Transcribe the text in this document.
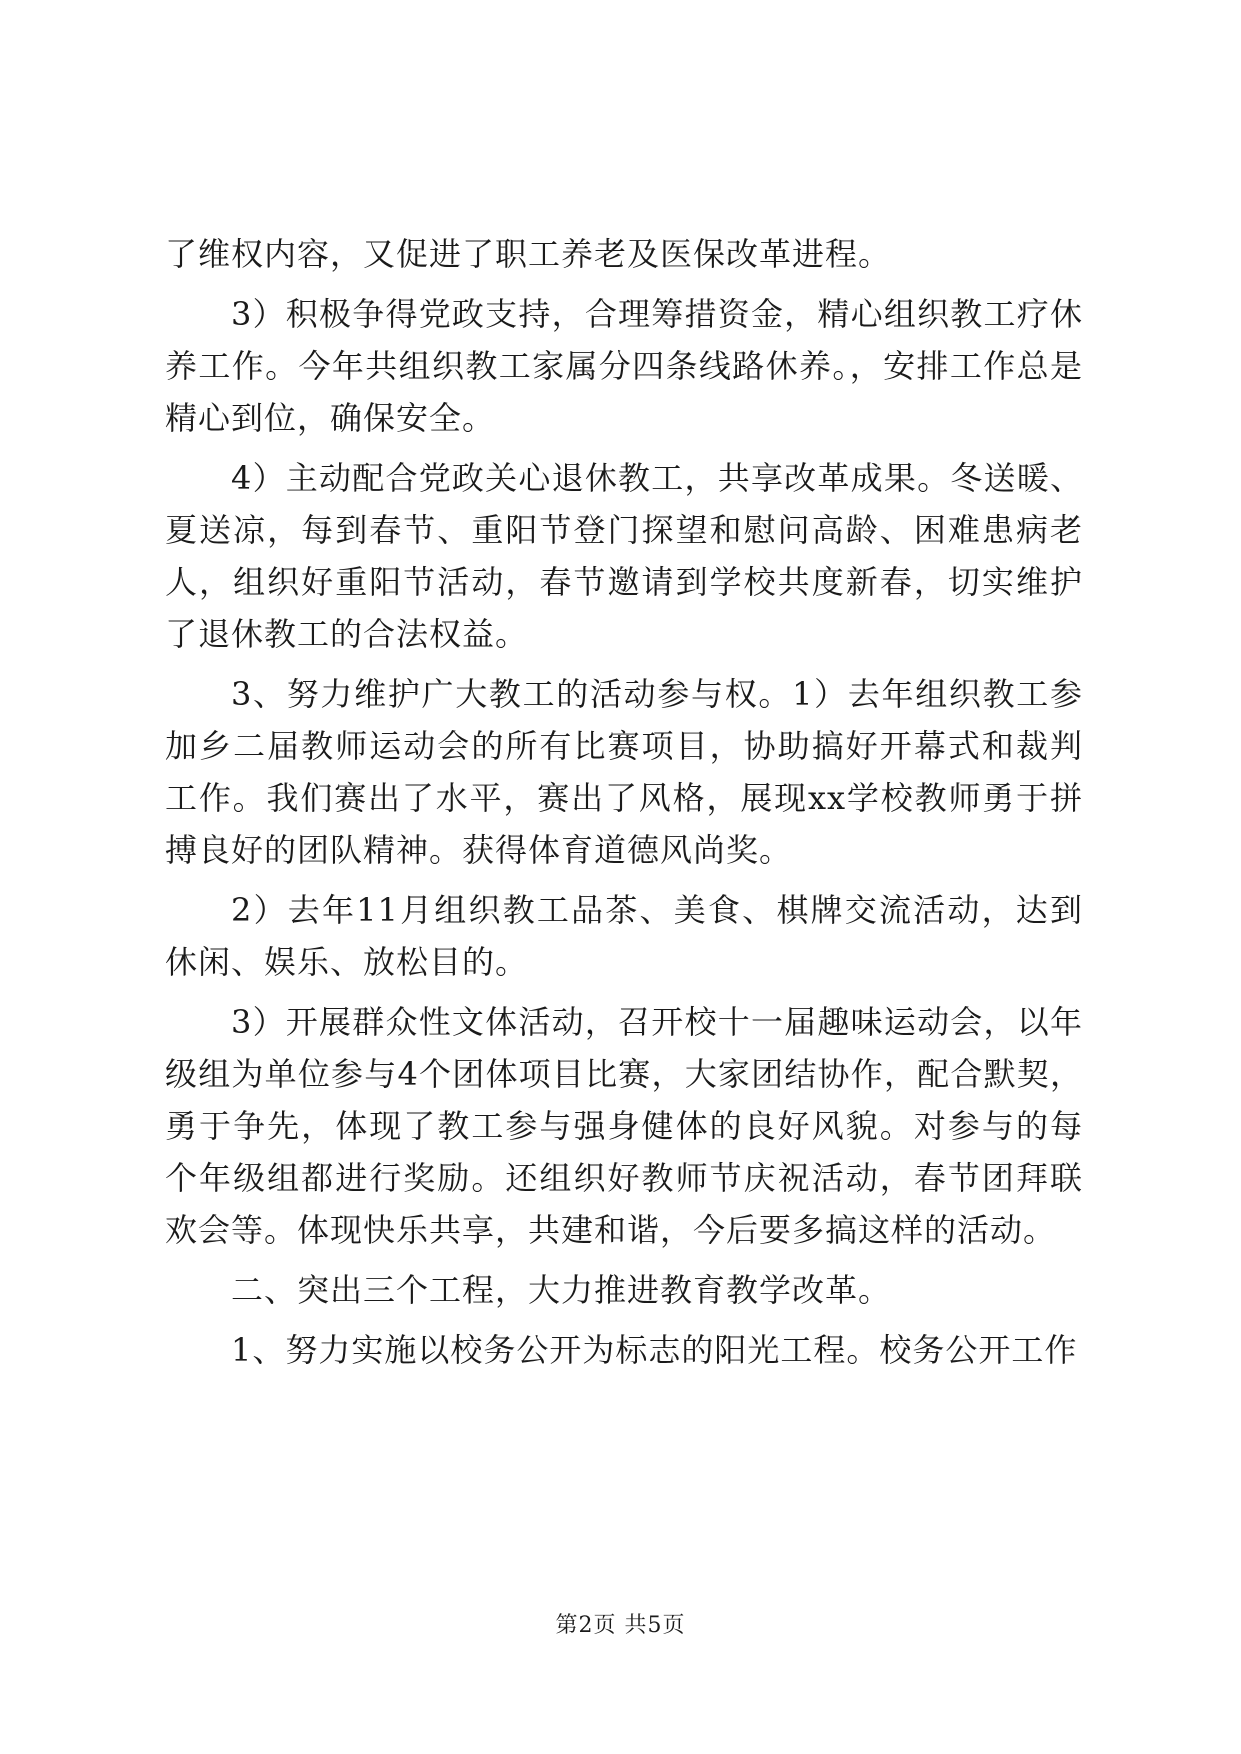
了维权内容，又促进了职工养老及医保改革进程。

3）积极争得党政支持，合理筹措资金，精心组织教工疗休养工作。今年共组织教工家属分四条线路休养。，安排工作总是精心到位，确保安全。

4）主动配合党政关心退休教工，共享改革成果。冬送暖、夏送凉，每到春节、重阳节登门探望和慰问高龄、困难患病老人，组织好重阳节活动，春节邀请到学校共度新春，切实维护了退休教工的合法权益。

3、努力维护广大教工的活动参与权。1）去年组织教工参加乡二届教师运动会的所有比赛项目，协助搞好开幕式和裁判工作。我们赛出了水平，赛出了风格，展现xx学校教师勇于拼搏良好的团队精神。获得体育道德风尚奖。

2）去年11月组织教工品茶、美食、棋牌交流活动，达到休闲、娱乐、放松目的。

3）开展群众性文体活动，召开校十一届趣味运动会，以年级组为单位参与4个团体项目比赛，大家团结协作，配合默契，勇于争先，体现了教工参与强身健体的良好风貌。对参与的每个年级组都进行奖励。还组织好教师节庆祝活动，春节团拜联欢会等。体现快乐共享，共建和谐，今后要多搞这样的活动。

二、突出三个工程，大力推进教育教学改革。

1、努力实施以校务公开为标志的阳光工程。校务公开工作

第2页 共5页
